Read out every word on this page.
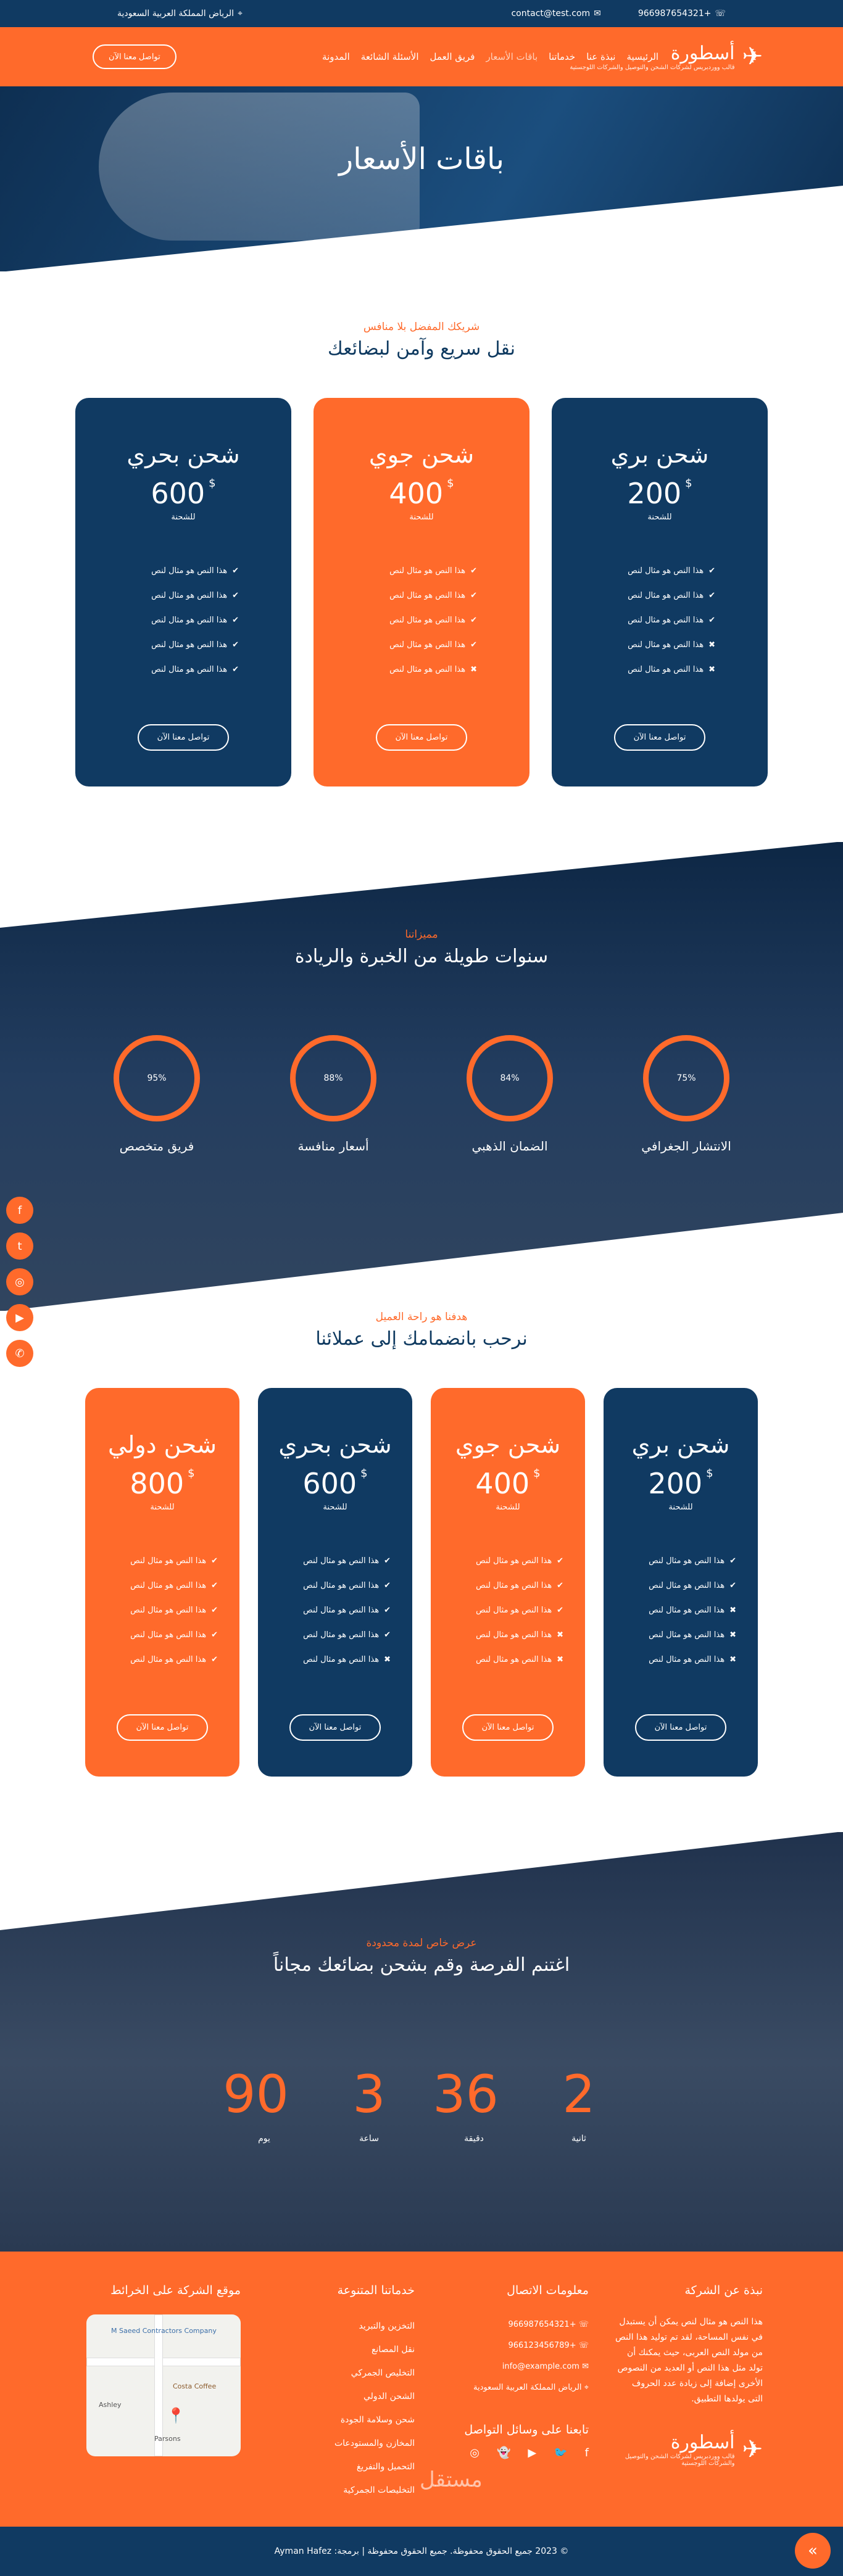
☏+966987654321
✉contact@test.com
⌖الرياض المملكة العربية السعودية
✈
أسطورة
قالب ووردبريس لشركات الشحن والتوصيل والشركات اللوجستية
الرئيسية
نبذة عنا
خدماتنا
باقات الأسعار
فريق العمل
الأسئلة الشائعة
المدونة
تواصل معنا الآن
باقات الأسعار
شريكك المفضل بلا منافس
نقل سريع وآمن لبضائعك
شحن بري
200 $
للشحنة
✔هذا النص هو مثال لنص
✔هذا النص هو مثال لنص
✔هذا النص هو مثال لنص
✖هذا النص هو مثال لنص
✖هذا النص هو مثال لنص
تواصل معنا الآن
شحن جوي
400 $
للشحنة
✔هذا النص هو مثال لنص
✔هذا النص هو مثال لنص
✔هذا النص هو مثال لنص
✔هذا النص هو مثال لنص
✖هذا النص هو مثال لنص
تواصل معنا الآن
شحن بحري
600 $
للشحنة
✔هذا النص هو مثال لنص
✔هذا النص هو مثال لنص
✔هذا النص هو مثال لنص
✔هذا النص هو مثال لنص
✔هذا النص هو مثال لنص
تواصل معنا الآن
مميزاتنا
سنوات طويلة من الخبرة والريادة
75%
الانتشار الجغرافي
84%
الضمان الذهبي
88%
أسعار منافسة
95%
فريق متخصص
هدفنا هو راحة العميل
نرحب بانضمامك إلى عملائنا
شحن بري
200 $
للشحنة
✔هذا النص هو مثال لنص
✔هذا النص هو مثال لنص
✖هذا النص هو مثال لنص
✖هذا النص هو مثال لنص
✖هذا النص هو مثال لنص
تواصل معنا الآن
شحن جوي
400 $
للشحنة
✔هذا النص هو مثال لنص
✔هذا النص هو مثال لنص
✔هذا النص هو مثال لنص
✖هذا النص هو مثال لنص
✖هذا النص هو مثال لنص
تواصل معنا الآن
شحن بحري
600 $
للشحنة
✔هذا النص هو مثال لنص
✔هذا النص هو مثال لنص
✔هذا النص هو مثال لنص
✔هذا النص هو مثال لنص
✖هذا النص هو مثال لنص
تواصل معنا الآن
شحن دولي
800 $
للشحنة
✔هذا النص هو مثال لنص
✔هذا النص هو مثال لنص
✔هذا النص هو مثال لنص
✔هذا النص هو مثال لنص
✔هذا النص هو مثال لنص
تواصل معنا الآن
عرض خاص لمدة محدودة
اغتنم الفرصة وقم بشحن بضائعك مجاناً
2
ثانية
36
دقيقة
3
ساعة
90
يوم
نبذة عن الشركة

هذا النص هو مثال لنص يمكن أن يستبدل في نفس المساحة، لقد تم توليد هذا النص من مولد النص العربى، حيث يمكنك أن تولد مثل هذا النص أو العديد من النصوص الأخرى إضافة إلى زيادة عدد الحروف التى يولدها التطبيق.

✈
أسطورة
قالب ووردبريس لشركات الشحن والتوصيل والشركات اللوجستية
معلومات الاتصال
☏ +966987654321
☏ +966123456789
✉ info@example.com
⌖ الرياض المملكة العربية السعودية
تابعنا على وسائل التواصل
f
🐦
▶
👻
◎
خدماتنا المتنوعة
التخزين والتبريد
نقل المصانع
التخليص الجمركي
الشحن الدولي
شحن وسلامة الجودة
المخازن والمستودعات
التحميل والتفريغ
التخليصات الجمركية
موقع الشركة على الخرائط
M Saeed Contractors Company
Costa Coffee
Ashley
Parsons
📍
© 2023 جميع الحقوق محفوظة. جميع الحقوق محفوظة | برمجة: Ayman Hafez	»
f
t
◎
▶
✆
مستقل
